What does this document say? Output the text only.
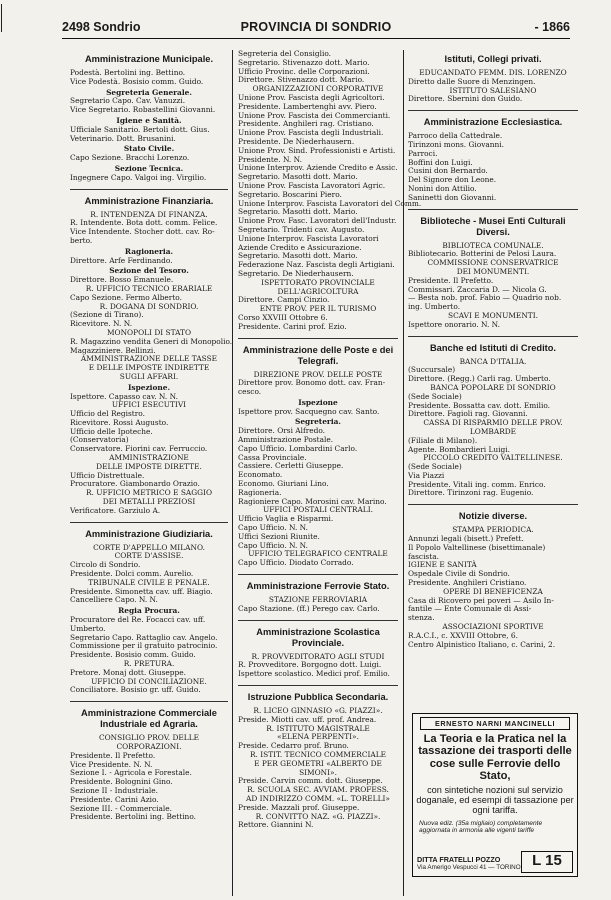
2498 Sondrio	PROVINCIA DI SONDRIO	- 1866
Amministrazione Municipale.
Podestà. Bertolini ing. Bettino.
Vice Podestà. Bosisio comm. Guido.
Segreteria Generale.
Segretario Capo. Cav. Vanuzzi.
Vice Segretario. Robastellini Giovanni.
Igiene e Sanità.
Ufficiale Sanitario. Bertoli dott. Gius.
Veterinario. Dott. Brusanini.
Stato Civile.
Capo Sezione. Bracchi Lorenzo.
Sezione Tecnica.
Ingegnere Capo. Valgoi ing. Virgilio.
Amministrazione Finanziaria.
R. INTENDENZA DI FINANZA.
R. Intendente. Bota dott. comm. Felice.
Vice Intendente. Stocher dott. cav. Ro-
berto.
Ragioneria.
Direttore. Arfe Ferdinando.
Sezione del Tesoro.
Direttore. Bosso Emanuele.
R. UFFICIO TECNICO ERARIALE
Capo Sezione. Fermo Alberto.
R. DOGANA DI SONDRIO.
(Sezione di Tirano).
Ricevitore. N. N.
MONOPOLI DI STATO
R. Magazzino vendita Generi di Monopolio.
Magazziniere. Bellinzi.
AMMINISTRAZIONE DELLE TASSE
E DELLE IMPOSTE INDIRETTE
SUGLI AFFARI.
Ispezione.
Ispettore. Capasso cav. N. N.
UFFICI ESECUTIVI
Ufficio del Registro.
Ricevitore. Rossi Augusto.
Ufficio delle Ipoteche.
(Conservatoria)
Conservatore. Fiorini cav. Ferruccio.
AMMINISTRAZIONE
DELLE IMPOSTE DIRETTE.
Ufficio Distrettuale.
Procuratore. Giambonardo Orazio.
R. UFFICIO METRICO E SAGGIO
DEI METALLI PREZIOSI
Verificatore. Garziulo A.
Amministrazione Giudiziaria.
CORTE D'APPELLO MILANO.
CORTE D'ASSISE.
Circolo di Sondrio.
Presidente. Dolci comm. Aurelio.
TRIBUNALE CIVILE E PENALE.
Presidente. Simonetta cav. uff. Biagio.
Cancelliere Capo. N. N.
Regia Procura.
Procuratore del Re. Focacci cav. uff.
Umberto.
Segretario Capo. Rattaglio cav. Angelo.
Commissione per il gratuito patrocinio.
Presidente. Bosisio comm. Guido.
R. PRETURA.
Pretore. Monaj dott. Giuseppe.
UFFICIO DI CONCILIAZIONE.
Conciliatore. Bosisio gr. uff. Guido.
Amministrazione Commerciale Industriale ed Agraria.
CONSIGLIO PROV. DELLE
CORPORAZIONI.
Presidente. Il Prefetto.
Vice Presidente. N. N.
Sezione I. - Agricola e Forestale.
Presidente. Bolognini Gino.
Sezione II - Industriale.
Presidente. Carini Azio.
Sezione III. - Commerciale.
Presidente. Bertolini ing. Bettino.
Segreteria del Consiglio.
Segretario. Stivenazzo dott. Mario.
Ufficio Provinc. delle Corporazioni.
Direttore. Stivenazzo dott. Mario.
ORGANIZZAZIONI CORPORATIVE
Unione Prov. Fascista degli Agricoltori.
Presidente. Lambertenghi avv. Piero.
Unione Prov. Fascista dei Commercianti.
Presidente. Anghileri rag. Cristiano.
Unione Prov. Fascista degli Industriali.
Presidente. De Niederhausern.
Unione Prov. Sind. Professionisti e Artisti.
Presidente. N. N.
Unione Interprov. Aziende Credito e Assic.
Segretario. Masotti dott. Mario.
Unione Prov. Fascista Lavoratori Agric.
Segretario. Boscarini Piero.
Unione Interprov. Fascista Lavoratori del Comm.
Segretario. Masotti dott. Mario.
Unione Prov. Fasc. Lavoratori dell'Industr.
Segretario. Tridenti cav. Augusto.
Unione Interprov. Fascista Lavoratori
Aziende Credito e Assicurazione.
Segretario. Masotti dott. Mario.
Federazione Naz. Fascista degli Artigiani.
Segretario. De Niederhausern.
ISPETTORATO PROVINCIALE
DELL'AGRICOLTURA
Direttore. Campi Cinzio.
ENTE PROV. PER IL TURISMO
Corso XXVIII Ottobre 6.
Presidente. Carini prof. Ezio.
Amministrazione delle Poste e dei Telegrafi.
DIREZIONE PROV. DELLE POSTE
Direttore prov. Bonomo dott. cav. Fran-
cesco.
Ispezione
Ispettore prov. Sacquegno cav. Santo.
Segreteria.
Direttore. Orsi Alfredo.
Amministrazione Postale.
Capo Ufficio. Lombardini Carlo.
Cassa Provinciale.
Cassiere. Cerletti Giuseppe.
Economato.
Economo. Giuriani Lino.
Ragioneria.
Ragioniere Capo. Morosini cav. Marino.
UFFICI POSTALI CENTRALI.
Ufficio Vaglia e Risparmi.
Capo Ufficio. N. N.
Uffici Sezioni Riunite.
Capo Ufficio. N. N.
UFFICIO TELEGRAFICO CENTRALE
Capo Ufficio. Diodato Corrado.
Amministrazione Ferrovie Stato.
STAZIONE FERROVIARIA
Capo Stazione. (ff.) Perego cav. Carlo.
Amministrazione Scolastica Provinciale.
R. PROVVEDITORATO AGLI STUDI
R. Provveditore. Borgogno dott. Luigi.
Ispettore scolastico. Medici prof. Emilio.
Istruzione Pubblica Secondaria.
R. LICEO GINNASIO «G. PIAZZI».
Preside. Miotti cav. uff. prof. Andrea.
R. ISTITUTO MAGISTRALE
«ELENA PERPENTI».
Preside. Cedarro prof. Bruno.
R. ISTIT. TECNICO COMMERCIALE
E PER GEOMETRI «ALBERTO DE
SIMONI».
Preside. Carvin comm. dott. Giuseppe.
R. SCUOLA SEC. AVVIAM. PROFESS.
AD INDIRIZZO COMM. «L. TORELLI»
Preside. Mazzali prof. Giuseppe.
R. CONVITTO NAZ. «G. PIAZZI».
Rettore. Giannini N.
Istituti, Collegi privati.
EDUCANDATO FEMM. DIS. LORENZO
Diretto dalle Suore di Menzingen.
ISTITUTO SALESIANO
Direttore. Sbernini don Guido.
Amministrazione Ecclesiastica.
Parroco della Cattedrale.
Tirinzoni mons. Giovanni.
Parroci.
Boffini don Luigi.
Cusini don Bernardo.
Del Signore don Leone.
Nonini don Attilio.
Saninetti don Giovanni.
Biblioteche - Musei Enti Culturali Diversi.
BIBLIOTECA COMUNALE.
Bibliotecario. Botterini de Pelosi Laura.
COMMISSIONE CONSERVATRICE
DEI MONUMENTI.
Presidente. Il Prefetto.
Commissari. Zaccaria D. — Nicola G.
— Besta nob. prof. Fabio — Quadrio nob.
ing. Umberto.
SCAVI E MONUMENTI.
Ispettore onorario. N. N.
Banche ed Istituti di Credito.
BANCA D'ITALIA.
(Succursale)
Direttore. (Regg.) Carli rag. Umberto.
BANCA POPOLARE DI SONDRIO
(Sede Sociale)
Presidente. Bossatta cav. dott. Emilio.
Direttore. Fagioli rag. Giovanni.
CASSA DI RISPARMIO DELLE PROV.
LOMBARDE
(Filiale di Milano).
Agente. Bombardieri Luigi.
PICCOLO CREDITO VALTELLINESE.
(Sede Sociale)
Via Piazzi
Presidente. Vitali ing. comm. Enrico.
Direttore. Tirinzoni rag. Eugenio.
Notizie diverse.
STAMPA PERIODICA.
Annunzi legali (bisett.) Prefett.
Il Popolo Valtellinese (bisettimanale)
fascista.
IGIENE E SANITÀ
Ospedale Civile di Sondrio.
Presidente. Anghileri Cristiano.
OPERE DI BENEFICENZA
Casa di Ricovero pei poveri — Asilo In-
fantile — Ente Comunale di Assi-
stenza.
ASSOCIAZIONI SPORTIVE
R.A.C.I., c. XXVIII Ottobre, 6.
Centro Alpinistico Italiano, c. Carini, 2.
ERNESTO NARNI MANCINELLI
La Teoria e la Pratica nel la tassazione dei trasporti delle cose sulle Ferrovie dello Stato,
con sintetiche nozioni sul servizio doganale, ed esempi di tassazione per ogni tariffa.
Nuova ediz. (35a migliaio) completamente aggiornata in armonia alle vigenti tariffe
DITTA FRATELLI POZZO
Via Amerigo Vespucci 41 — TORINO L 15
